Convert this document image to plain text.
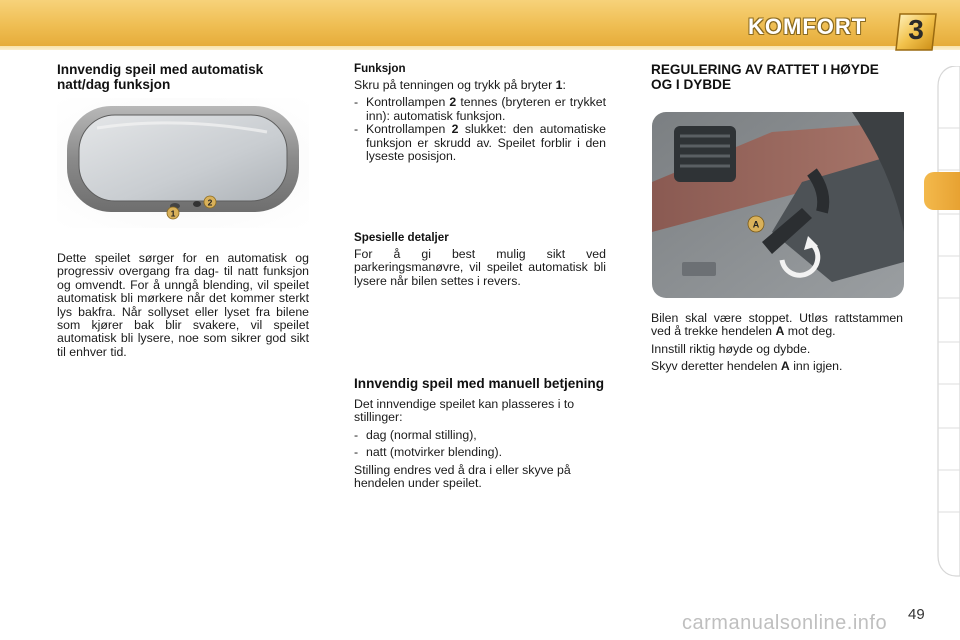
KOMFORT	3

Innvendig speil med automatisk natt/dag funksjon

1
2

Dette speilet sørger for en automatisk og progressiv overgang fra dag- til natt funksjon og omvendt. For å unngå blending, vil speilet automatisk bli mørkere når det kommer sterkt lys bakfra. Når sollyset eller lyset fra bilene som kjører bak blir svakere, vil speilet automatisk bli lysere, noe som sikrer god sikt til enhver tid.

Funksjon

Skru på tenningen og trykk på bryter 1:

- Kontrollampen 2 tennes (bryteren er trykket inn): automatisk funksjon.
- Kontrollampen 2 slukket: den automatiske funksjon er skrudd av. Speilet forblir i den lyseste posisjon.

Spesielle detaljer

For å gi best mulig sikt ved parkeringsmanøvre, vil speilet automatisk bli lysere når bilen settes i revers.

Innvendig speil med manuell betjening

Det innvendige speilet kan plasseres i to stillinger:

- dag (normal stilling),
- natt (motvirker blending).

Stilling endres ved å dra i eller skyve på hendelen under speilet.

REGULERING AV RATTET I HØYDE OG I DYBDE

A

Bilen skal være stoppet. Utløs rattstammen ved å trekke hendelen A mot deg.

Innstill riktig høyde og dybde.

Skyv deretter hendelen A inn igjen.

carmanualsonline.info 49
